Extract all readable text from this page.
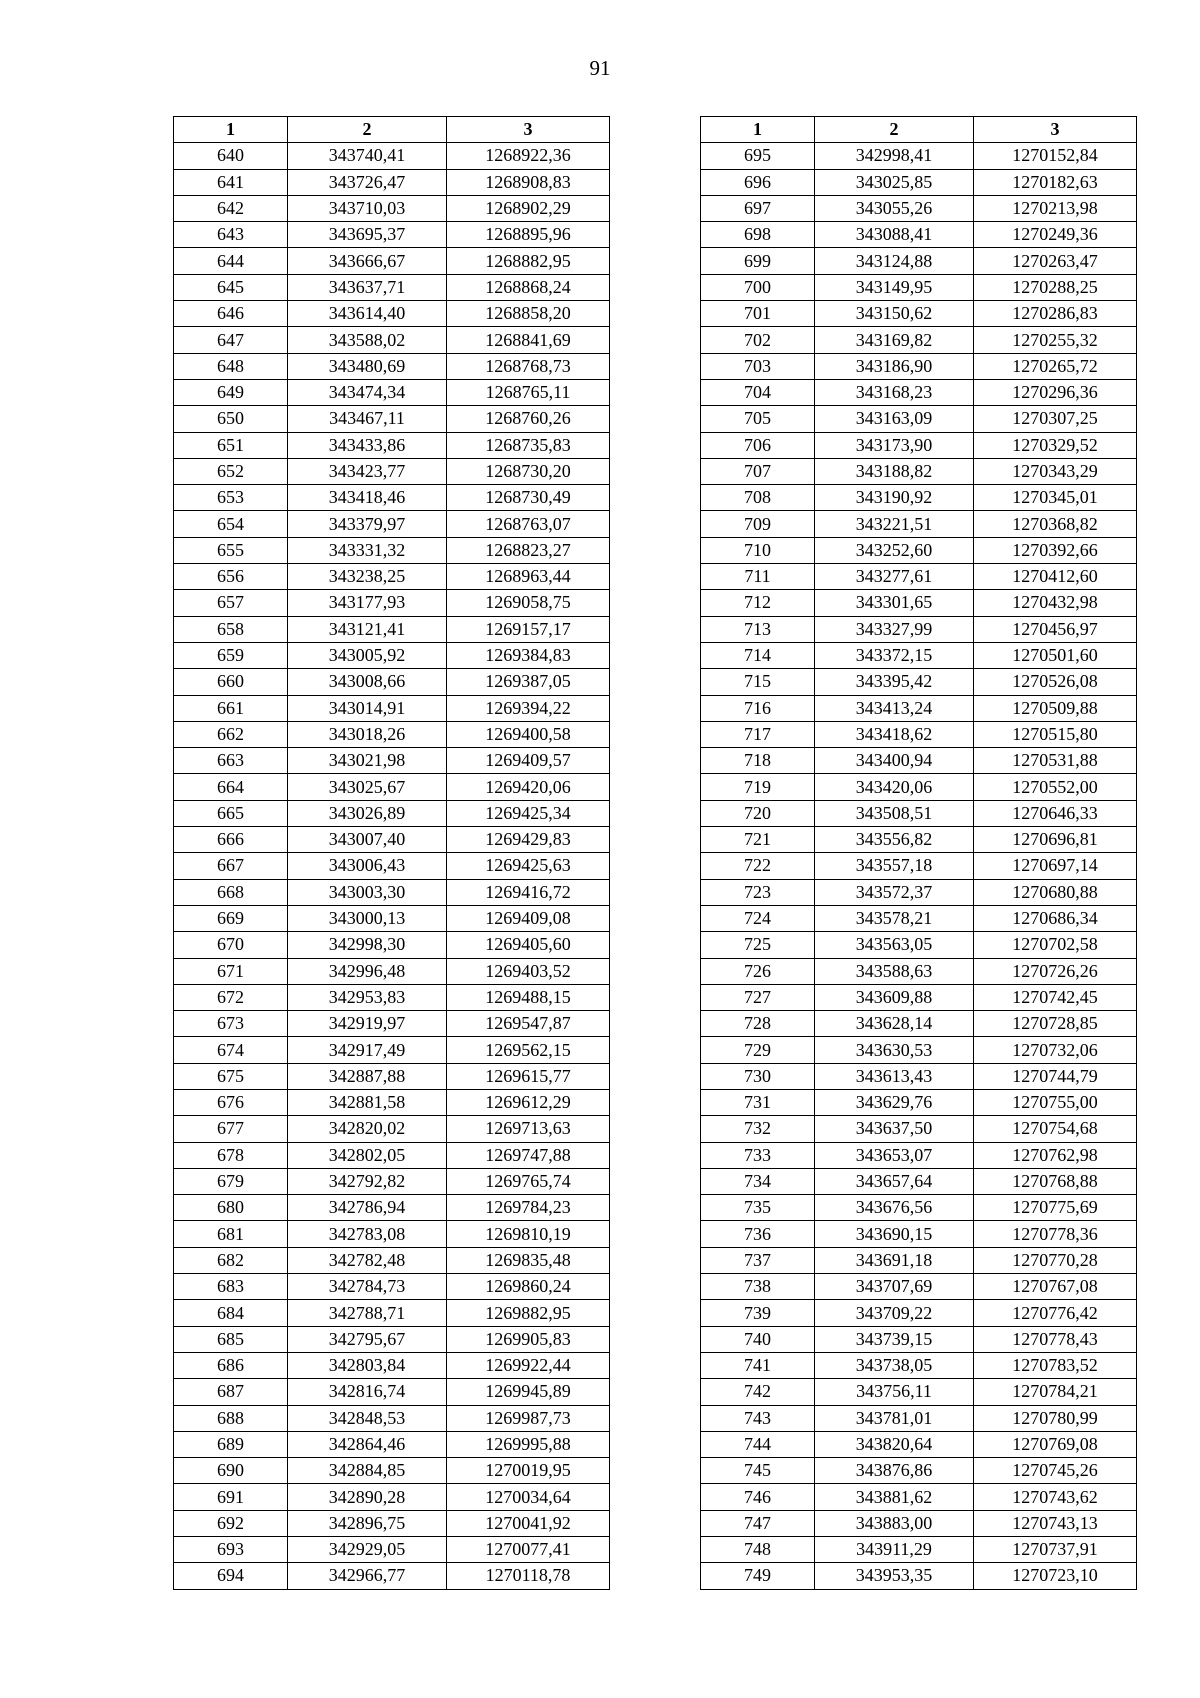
91
1	2	3
640	343740,41	1268922,36
641	343726,47	1268908,83
642	343710,03	1268902,29
643	343695,37	1268895,96
644	343666,67	1268882,95
645	343637,71	1268868,24
646	343614,40	1268858,20
647	343588,02	1268841,69
648	343480,69	1268768,73
649	343474,34	1268765,11
650	343467,11	1268760,26
651	343433,86	1268735,83
652	343423,77	1268730,20
653	343418,46	1268730,49
654	343379,97	1268763,07
655	343331,32	1268823,27
656	343238,25	1268963,44
657	343177,93	1269058,75
658	343121,41	1269157,17
659	343005,92	1269384,83
660	343008,66	1269387,05
661	343014,91	1269394,22
662	343018,26	1269400,58
663	343021,98	1269409,57
664	343025,67	1269420,06
665	343026,89	1269425,34
666	343007,40	1269429,83
667	343006,43	1269425,63
668	343003,30	1269416,72
669	343000,13	1269409,08
670	342998,30	1269405,60
671	342996,48	1269403,52
672	342953,83	1269488,15
673	342919,97	1269547,87
674	342917,49	1269562,15
675	342887,88	1269615,77
676	342881,58	1269612,29
677	342820,02	1269713,63
678	342802,05	1269747,88
679	342792,82	1269765,74
680	342786,94	1269784,23
681	342783,08	1269810,19
682	342782,48	1269835,48
683	342784,73	1269860,24
684	342788,71	1269882,95
685	342795,67	1269905,83
686	342803,84	1269922,44
687	342816,74	1269945,89
688	342848,53	1269987,73
689	342864,46	1269995,88
690	342884,85	1270019,95
691	342890,28	1270034,64
692	342896,75	1270041,92
693	342929,05	1270077,41
694	342966,77	1270118,78
1	2	3
695	342998,41	1270152,84
696	343025,85	1270182,63
697	343055,26	1270213,98
698	343088,41	1270249,36
699	343124,88	1270263,47
700	343149,95	1270288,25
701	343150,62	1270286,83
702	343169,82	1270255,32
703	343186,90	1270265,72
704	343168,23	1270296,36
705	343163,09	1270307,25
706	343173,90	1270329,52
707	343188,82	1270343,29
708	343190,92	1270345,01
709	343221,51	1270368,82
710	343252,60	1270392,66
711	343277,61	1270412,60
712	343301,65	1270432,98
713	343327,99	1270456,97
714	343372,15	1270501,60
715	343395,42	1270526,08
716	343413,24	1270509,88
717	343418,62	1270515,80
718	343400,94	1270531,88
719	343420,06	1270552,00
720	343508,51	1270646,33
721	343556,82	1270696,81
722	343557,18	1270697,14
723	343572,37	1270680,88
724	343578,21	1270686,34
725	343563,05	1270702,58
726	343588,63	1270726,26
727	343609,88	1270742,45
728	343628,14	1270728,85
729	343630,53	1270732,06
730	343613,43	1270744,79
731	343629,76	1270755,00
732	343637,50	1270754,68
733	343653,07	1270762,98
734	343657,64	1270768,88
735	343676,56	1270775,69
736	343690,15	1270778,36
737	343691,18	1270770,28
738	343707,69	1270767,08
739	343709,22	1270776,42
740	343739,15	1270778,43
741	343738,05	1270783,52
742	343756,11	1270784,21
743	343781,01	1270780,99
744	343820,64	1270769,08
745	343876,86	1270745,26
746	343881,62	1270743,62
747	343883,00	1270743,13
748	343911,29	1270737,91
749	343953,35	1270723,10
